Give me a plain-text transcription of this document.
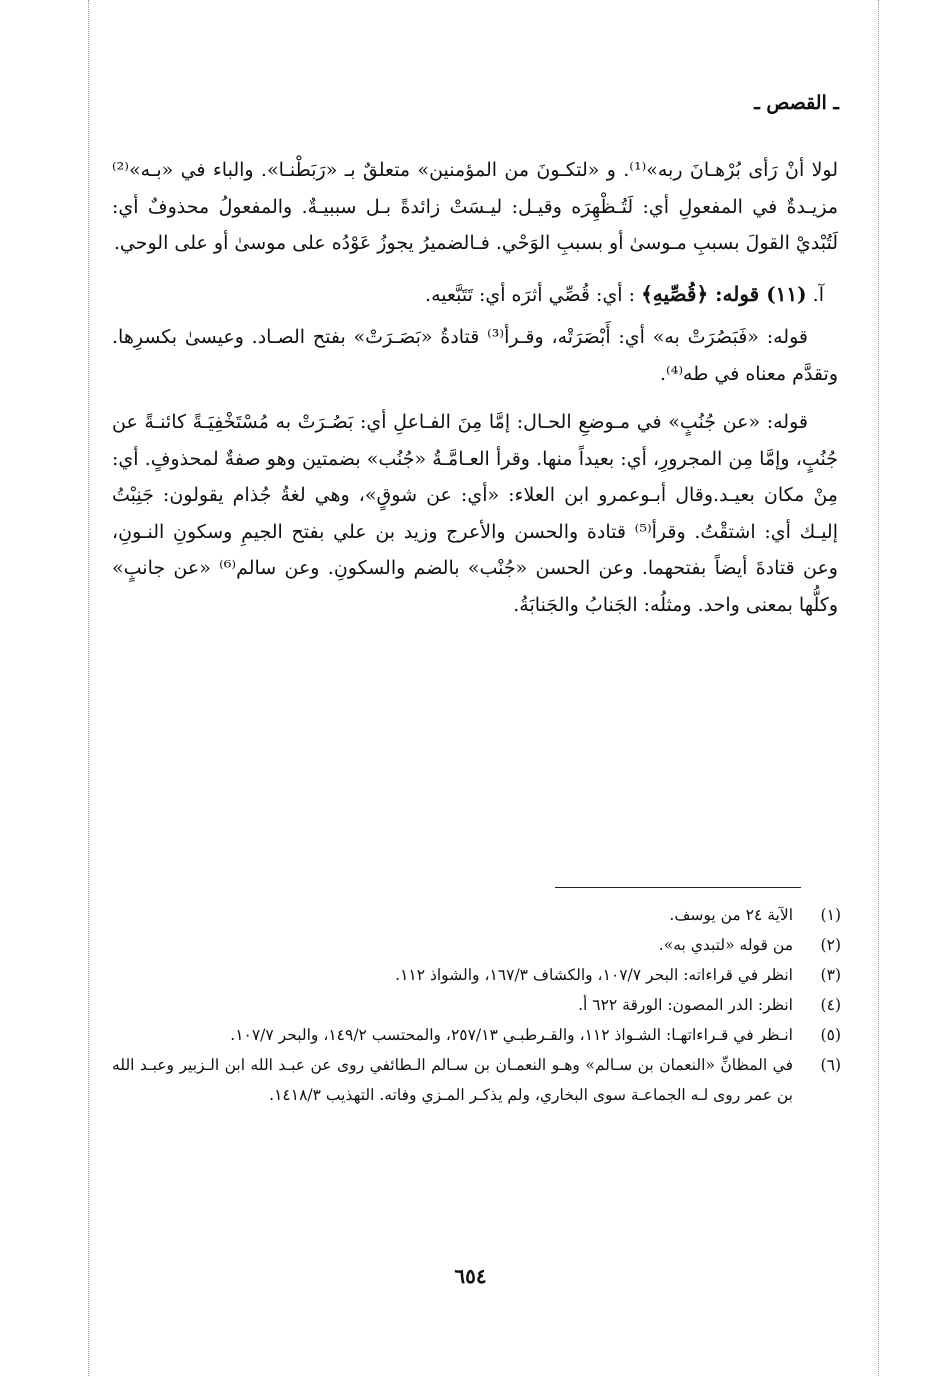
ـ القصص ـ

لولا أنْ رَأى بُرْهـانَ ربه»⁽¹⁾. و «لتكـونَ من المؤمنين» متعلقٌ بـ «رَبَطْنـا». والباء في «بـه»⁽²⁾ مزيـدةٌ في المفعولِ أي: لَتُـظْهِرَه وقيـل: ليـسَتْ زائدةً بـل سببيـةٌ. والمفعولُ محذوفٌ أي: لَتُبْديْ القولَ بسببِ مـوسىٰ أو بسببِ الوَحْي. فـالضميرُ يجوزُ عَوْدُه على موسىٰ أو على الوحي.

آ. (١١) قوله: ﴿قُصِّيهِ﴾ : أي: قُصِّي أثرَه أي: تَتَبَّعيه.

قوله: «فَبَصُرَتْ به» أي: أَبْصَرَتْه، وقـرأ⁽³⁾ قتادةُ «بَصَـرَتْ» بفتح الصـاد. وعيسىٰ بكسرِها. وتقدَّم معناه في طه⁽⁴⁾.

قوله: «عن جُنُبٍ» في مـوضعِ الحـال: إمَّا مِنَ الفـاعلِ أي: بَصُـرَتْ به مُسْتَخْفِيَـةً كائنـةً عن جُنُبٍ، وإمَّا مِن المجرورِ، أي: بعيداً منها. وقرأ العـامَّـةُ «جُنُب» بضمتين وهو صفةٌ لمحذوفٍ. أي: مِنْ مكان بعيـد.وقال أبـوعمرو ابن العلاء: «أي: عن شوقٍ»، وهي لغةُ جُذام يقولون: جَنِبْتُ إليـك أي: اشتقْتُ. وقرأ⁽⁵⁾ قتادة والحسن والأعرج وزيد بن علي بفتح الجيمِ وسكونِ النـونِ، وعن قتادةَ أيضاً بفتحهما. وعن الحسن «جُنْب» بالضم والسكونِ. وعن سالم⁽⁶⁾ «عن جانبٍ» وكلُّها بمعنى واحد. ومثلُه: الجَنابُ والجَنابَةُ.

(١)
الآية ٢٤ من يوسف.
(٢)
من قوله «لتبدي به».
(٣)
انظر في قراءاته: البحر ١٠٧/٧، والكشاف ١٦٧/٣، والشواذ ١١٢.
(٤)
انظر: الدر المصون: الورقة ٦٢٢ أ.
(٥)
انـظر في قـراءاتهـا: الشـواذ ١١٢، والقـرطبـي ٢٥٧/١٣، والمحتسب ١٤٩/٢، والبحر ١٠٧/٧.
(٦)
في المظانِّ «النعمان بن سـالم» وهـو النعمـان بن سـالم الـطائفي روى عن عبـد الله ابن الـزبير وعبـد الله بن عمر روى لـه الجماعـة سوى البخاري، ولم يذكـر المـزي وفاته. التهذيب ١٤١٨/٣.
٦٥٤
